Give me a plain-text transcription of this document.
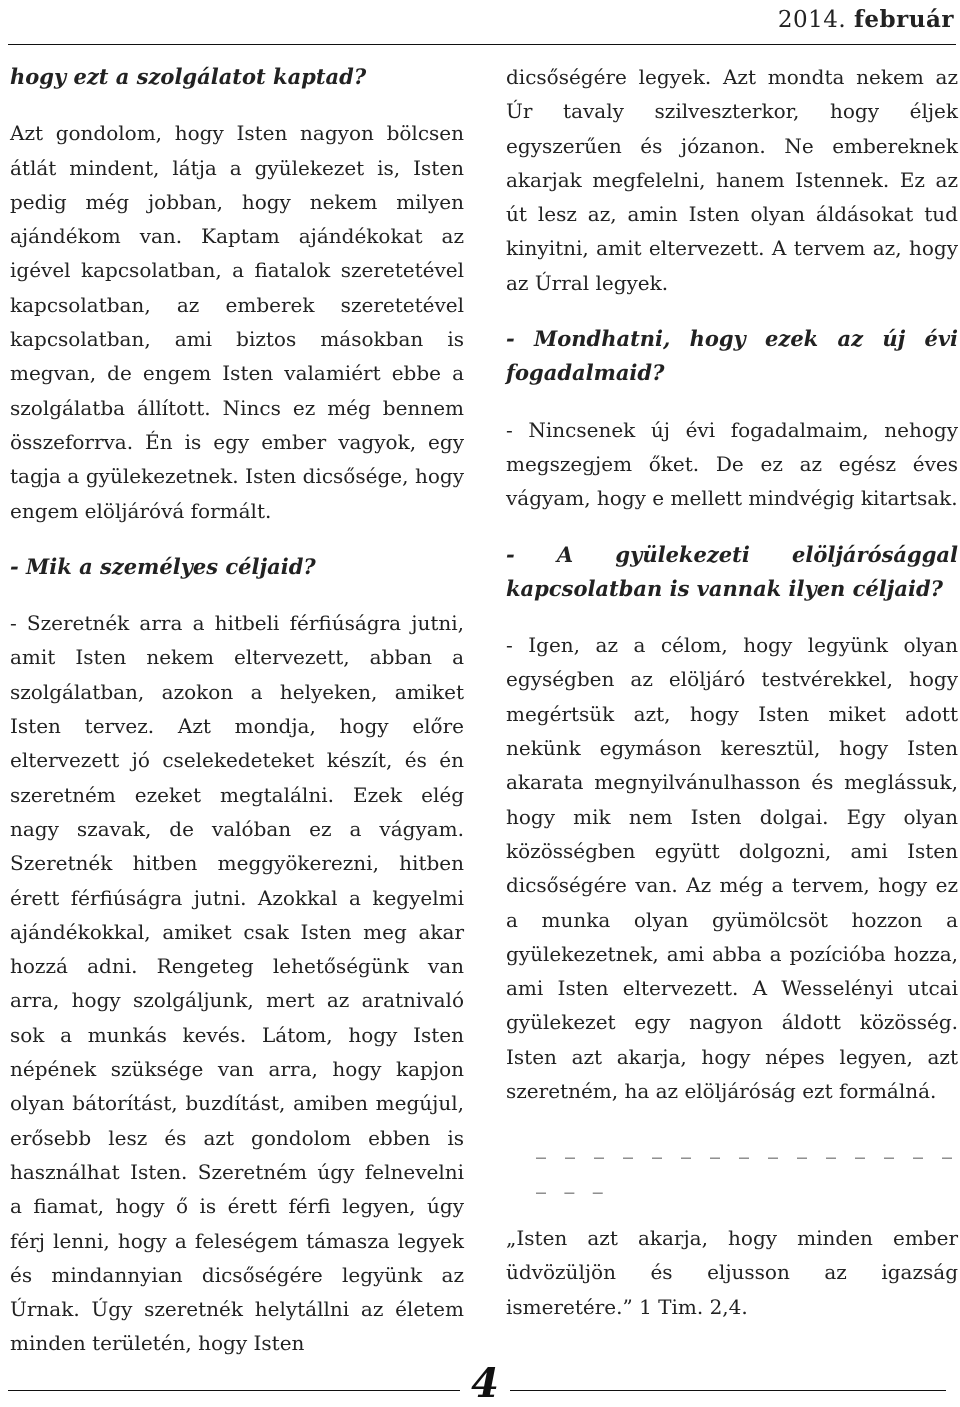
2014. február

hogy ezt a szolgálatot kaptad?

Azt gondolom, hogy Isten nagyon bölcsen átlát mindent, látja a gyülekezet is, Isten pedig még jobban, hogy nekem milyen ajándékom van. Kaptam ajándékokat az igével kapcsolatban, a fiatalok szeretetével kapcsolatban, az emberek szeretetével kapcsolatban, ami biztos másokban is megvan, de engem Isten valamiért ebbe a szolgálatba állított. Nincs ez még bennem összeforrva. Én is egy ember vagyok, egy tagja a gyülekezetnek. Isten dicsősége, hogy engem elöljáróvá formált.

- Mik a személyes céljaid?

- Szeretnék arra a hitbeli férfiúságra jutni, amit Isten nekem eltervezett, abban a szolgálatban, azokon a helyeken, amiket Isten tervez. Azt mondja, hogy előre eltervezett jó cselekedeteket készít, és én szeretném ezeket megtalálni. Ezek elég nagy szavak, de valóban ez a vágyam. Szeretnék hitben meggyökerezni, hitben érett férfiúságra jutni. Azokkal a kegyelmi ajándékokkal, amiket csak Isten meg akar hozzá adni. Rengeteg lehetőségünk van arra, hogy szolgáljunk, mert az aratnivaló sok a munkás kevés. Látom, hogy Isten népének szüksége van arra, hogy kapjon olyan bátorítást, buzdítást, amiben megújul, erősebb lesz és azt gondolom ebben is használhat Isten. Szeretném úgy felnevelni a fiamat, hogy ő is érett férfi legyen, úgy férj lenni, hogy a feleségem támasza legyek és mindannyian dicsőségére legyünk az Úrnak. Úgy szeretnék helytállni az életem minden területén, hogy Isten

dicsőségére legyek. Azt mondta nekem az Úr tavaly szilveszterkor, hogy éljek egyszerűen és józanon. Ne embereknek akarjak megfelelni, hanem Istennek. Ez az út lesz az, amin Isten olyan áldásokat tud kinyitni, amit eltervezett. A tervem az, hogy az Úrral legyek.

- Mondhatni, hogy ezek az új évi fogadalmaid?

- Nincsenek új évi fogadalmaim, nehogy megszegjem őket. De ez az egész éves vágyam, hogy e mellett mindvégig kitartsak.

- A gyülekezeti elöljárósággal kapcsolatban is vannak ilyen céljaid?

- Igen, az a célom, hogy legyünk olyan egységben az elöljáró testvérekkel, hogy megértsük azt, hogy Isten miket adott nekünk egymáson keresztül, hogy Isten akarata megnyilvánulhasson és meglássuk, hogy mik nem Isten dolgai. Egy olyan közösségben együtt dolgozni, ami Isten dicsőségére van. Az még a tervem, hogy ez a munka olyan gyümölcsöt hozzon a gyülekezetnek, ami abba a pozícióba hozza, ami Isten eltervezett. A Wesselényi utcai gyülekezet egy nagyon áldott közösség. Isten azt akarja, hogy népes legyen, azt szeretném, ha az elöljáróság ezt formálná.

_ _ _ _ _ _ _ _ _ _ _ _ _ _ _ _ _ _

„Isten azt akarja, hogy minden ember üdvözüljön és eljusson az igazság ismeretére.” 1 Tim. 2,4.

4
